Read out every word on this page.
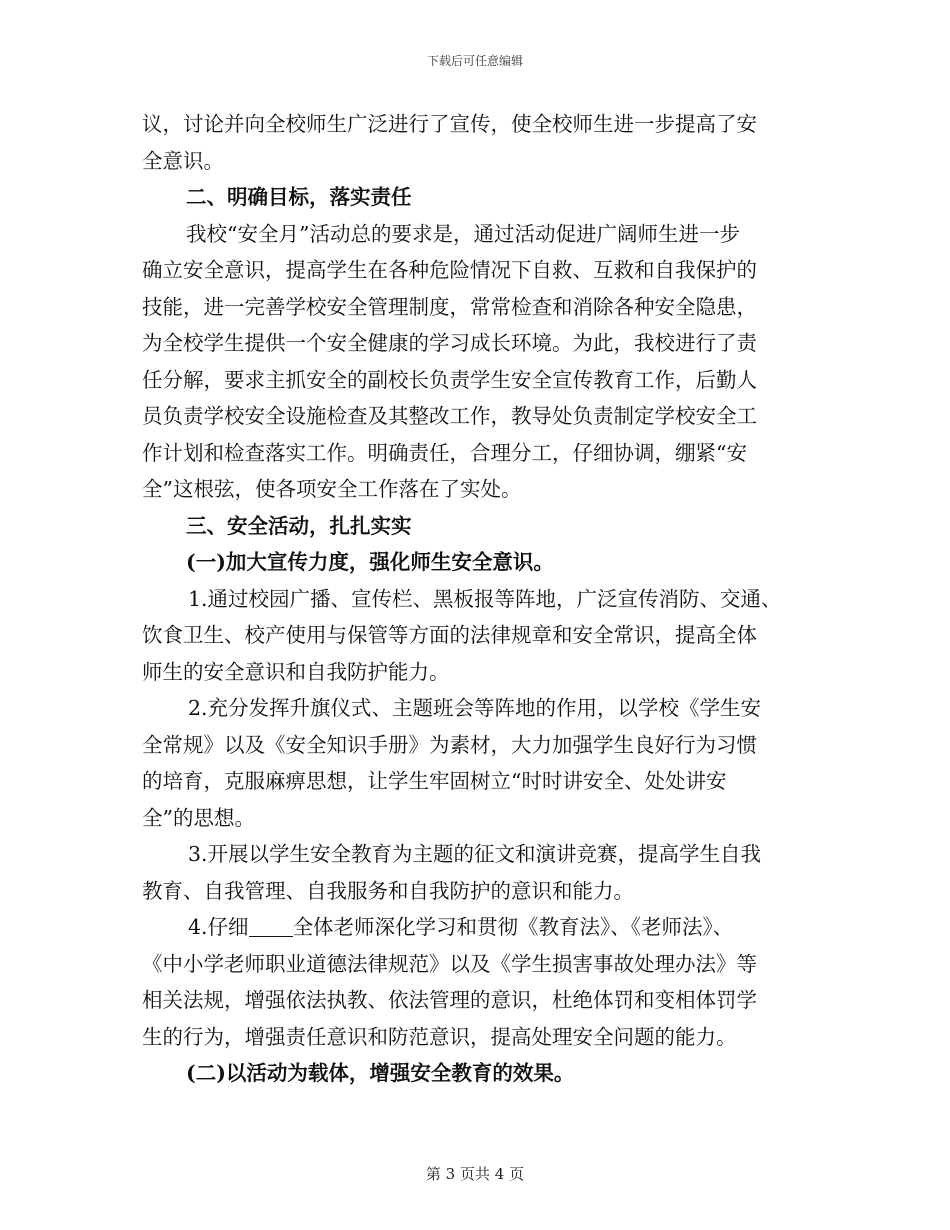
下载后可任意编辑
议，讨论并向全校师生广泛进行了宣传，使全校师生进一步提高了安
全意识。
二、明确目标，落实责任
我校“安全月”活动总的要求是，通过活动促进广阔师生进一步
确立安全意识，提高学生在各种危险情况下自救、互救和自我保护的
技能，进一完善学校安全管理制度，常常检查和消除各种安全隐患，
为全校学生提供一个安全健康的学习成长环境。为此，我校进行了责
任分解，要求主抓安全的副校长负责学生安全宣传教育工作，后勤人
员负责学校安全设施检查及其整改工作，教导处负责制定学校安全工
作计划和检查落实工作。明确责任，合理分工，仔细协调，绷紧“安
全”这根弦，使各项安全工作落在了实处。
三、安全活动，扎扎实实
(一)加大宣传力度，强化师生安全意识。
1.通过校园广播、宣传栏、黑板报等阵地，广泛宣传消防、交通、
饮食卫生、校产使用与保管等方面的法律规章和安全常识，提高全体
师生的安全意识和自我防护能力。
2.充分发挥升旗仪式、主题班会等阵地的作用，以学校《学生安
全常规》以及《安全知识手册》为素材，大力加强学生良好行为习惯
的培育，克服麻痹思想，让学生牢固树立“时时讲安全、处处讲安
全”的思想。
3.开展以学生安全教育为主题的征文和演讲竞赛，提高学生自我
教育、自我管理、自我服务和自我防护的意识和能力。
4.仔细 全体老师深化学习和贯彻《教育法》、《老师法》、
《中小学老师职业道德法律规范》以及《学生损害事故处理办法》等
相关法规，增强依法执教、依法管理的意识，杜绝体罚和变相体罚学
生的行为，增强责任意识和防范意识，提高处理安全问题的能力。
(二)以活动为载体，增强安全教育的效果。
第 3 页共 4 页
